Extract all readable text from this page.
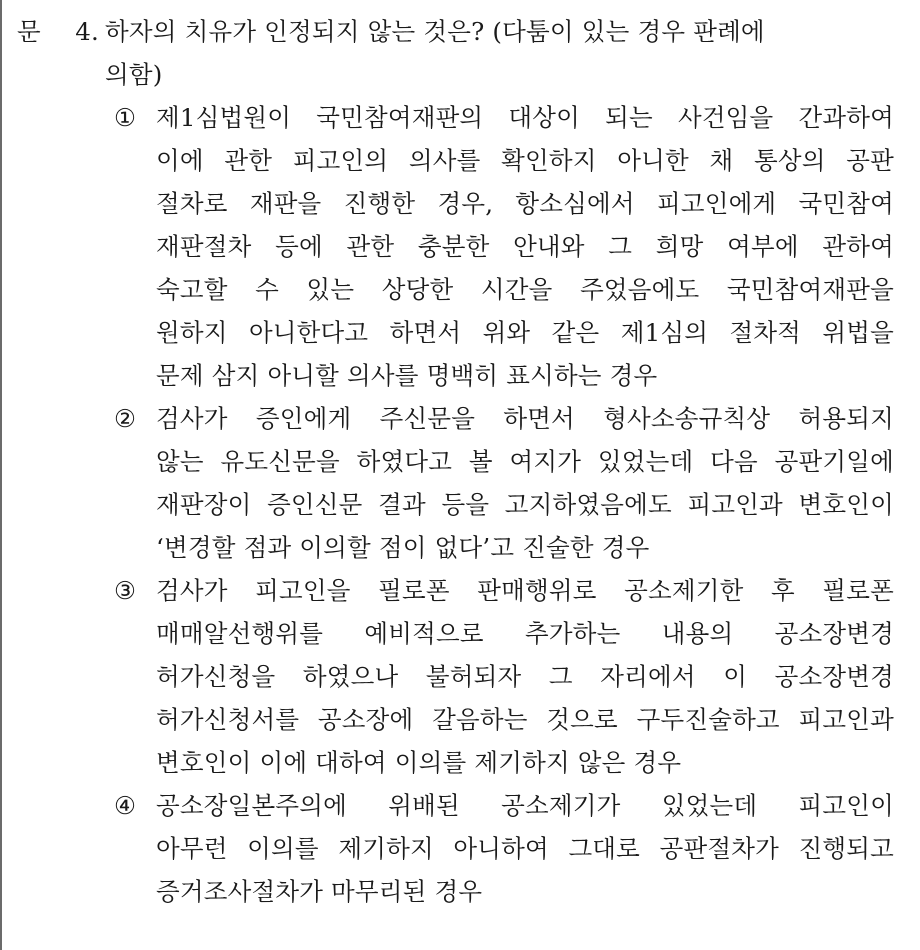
문	4. 하자의 치유가 인정되지 않는 것은? (다툼이 있는 경우 판례에
의함)
① 제1심법원이 국민참여재판의 대상이 되는 사건임을 간과하여
이에 관한 피고인의 의사를 확인하지 아니한 채 통상의 공판
절차로 재판을 진행한 경우, 항소심에서 피고인에게 국민참여
재판절차 등에 관한 충분한 안내와 그 희망 여부에 관하여
숙고할 수 있는 상당한 시간을 주었음에도 국민참여재판을
원하지 아니한다고 하면서 위와 같은 제1심의 절차적 위법을
문제 삼지 아니할 의사를 명백히 표시하는 경우
② 검사가 증인에게 주신문을 하면서 형사소송규칙상 허용되지
않는 유도신문을 하였다고 볼 여지가 있었는데 다음 공판기일에
재판장이 증인신문 결과 등을 고지하였음에도 피고인과 변호인이
‘변경할 점과 이의할 점이 없다’고 진술한 경우
③ 검사가 피고인을 필로폰 판매행위로 공소제기한 후 필로폰
매매알선행위를 예비적으로 추가하는 내용의 공소장변경
허가신청을 하였으나 불허되자 그 자리에서 이 공소장변경
허가신청서를 공소장에 갈음하는 것으로 구두진술하고 피고인과
변호인이 이에 대하여 이의를 제기하지 않은 경우
④ 공소장일본주의에 위배된 공소제기가 있었는데 피고인이
아무런 이의를 제기하지 아니하여 그대로 공판절차가 진행되고
증거조사절차가 마무리된 경우
